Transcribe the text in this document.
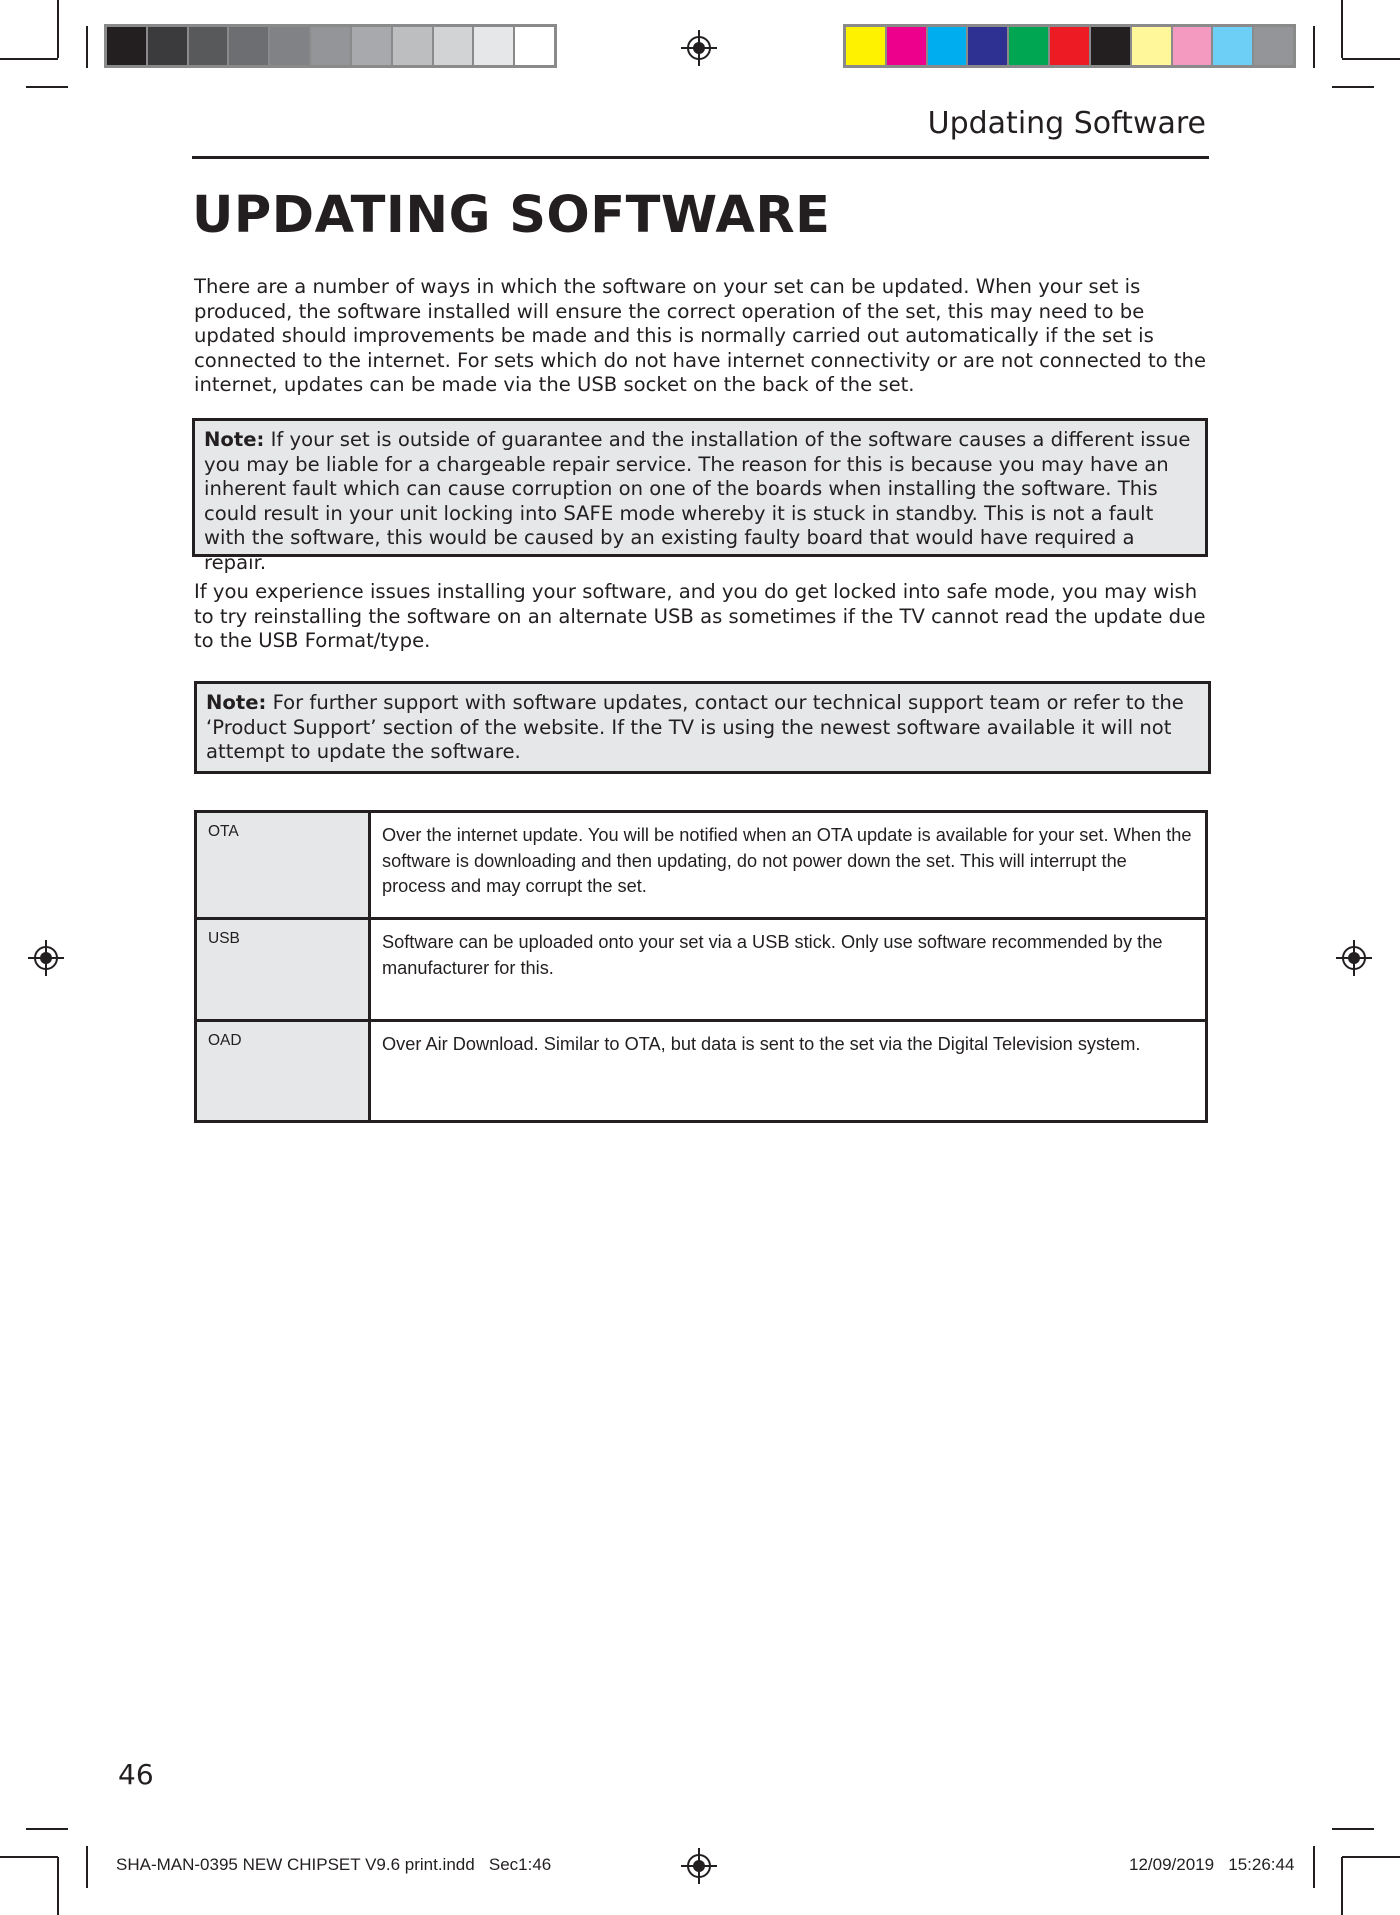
Updating Software
UPDATING SOFTWARE

There are a number of ways in which the software on your set can be updated. When your set is produced, the software installed will ensure the correct operation of the set, this may need to be updated should improvements be made and this is normally carried out automatically if the set is connected to the internet. For sets which do not have internet connectivity or are not connected to the internet, updates can be made via the USB socket on the back of the set.

Note: If your set is outside of guarantee and the installation of the software causes a different issue you may be liable for a chargeable repair service. The reason for this is because you may have an inherent fault which can cause corruption on one of the boards when installing the software. This could result in your unit locking into SAFE mode whereby it is stuck in standby. This is not a fault with the software, this would be caused by an existing faulty board that would have required a repair.

If you experience issues installing your software, and you do get locked into safe mode, you may wish to try reinstalling the software on an alternate USB as sometimes if the TV cannot read the update due to the USB Format/type.

Note: For further support with software updates, contact our technical support team or refer to the ‘Product Support’ section of the website. If the TV is using the newest software available it will not attempt to update the software.
OTA	Over the internet update. You will be notified when an OTA update is available for your set. When the software is downloading and then updating, do not power down the set. This will interrupt the process and may corrupt the set.
USB	Software can be uploaded onto your set via a USB stick. Only use software recommended by the manufacturer for this.
OAD	Over Air Download. Similar to OTA, but data is sent to the set via the Digital Television system.
46
SHA-MAN-0395 NEW CHIPSET V9.6 print.indd   Sec1:46	12/09/2019   15:26:44
